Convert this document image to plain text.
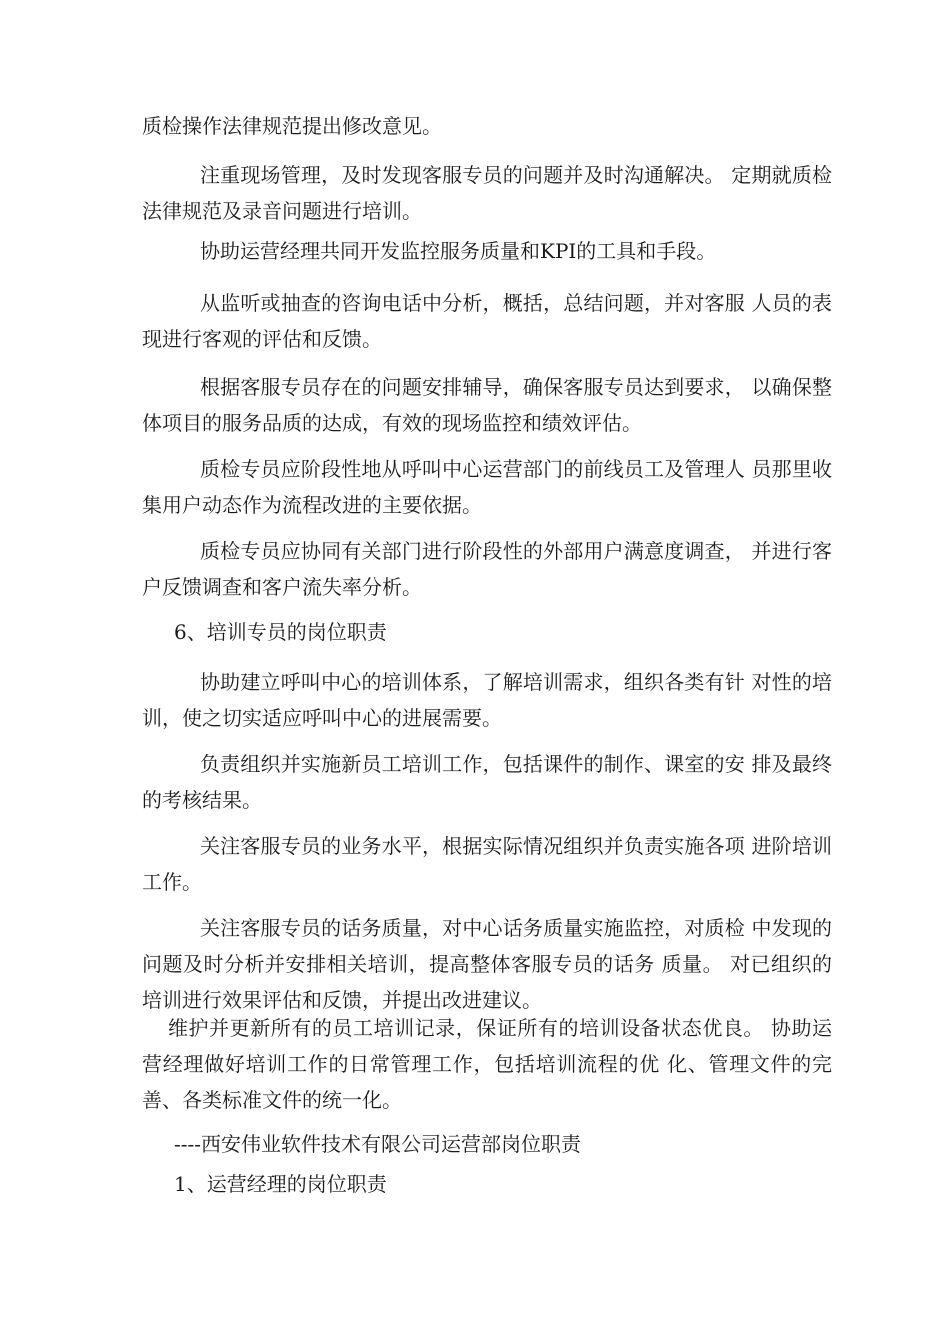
质检操作法律规范提出修改意见。

注重现场管理，及时发现客服专员的问题并及时沟通解决。 定期就质检法律规范及录音问题进行培训。

协助运营经理共同开发监控服务质量和KPI的工具和手段。

从监听或抽查的咨询电话中分析，概括，总结问题，并对客服 人员的表现进行客观的评估和反馈。

根据客服专员存在的问题安排辅导，确保客服专员达到要求， 以确保整体项目的服务品质的达成，有效的现场监控和绩效评估。

质检专员应阶段性地从呼叫中心运营部门的前线员工及管理人 员那里收集用户动态作为流程改进的主要依据。

质检专员应协同有关部门进行阶段性的外部用户满意度调查， 并进行客户反馈调查和客户流失率分析。

6、培训专员的岗位职责

协助建立呼叫中心的培训体系，了解培训需求，组织各类有针 对性的培训，使之切实适应呼叫中心的进展需要。

负责组织并实施新员工培训工作，包括课件的制作、课室的安 排及最终的考核结果。

关注客服专员的业务水平，根据实际情况组织并负责实施各项 进阶培训工作。

关注客服专员的话务质量，对中心话务质量实施监控，对质检 中发现的问题及时分析并安排相关培训，提高整体客服专员的话务 质量。 对已组织的培训进行效果评估和反馈，并提出改进建议。

维护并更新所有的员工培训记录，保证所有的培训设备状态优良。 协助运营经理做好培训工作的日常管理工作，包括培训流程的优 化、管理文件的完善、各类标准文件的统一化。

----西安伟业软件技术有限公司运营部岗位职责

1、运营经理的岗位职责
